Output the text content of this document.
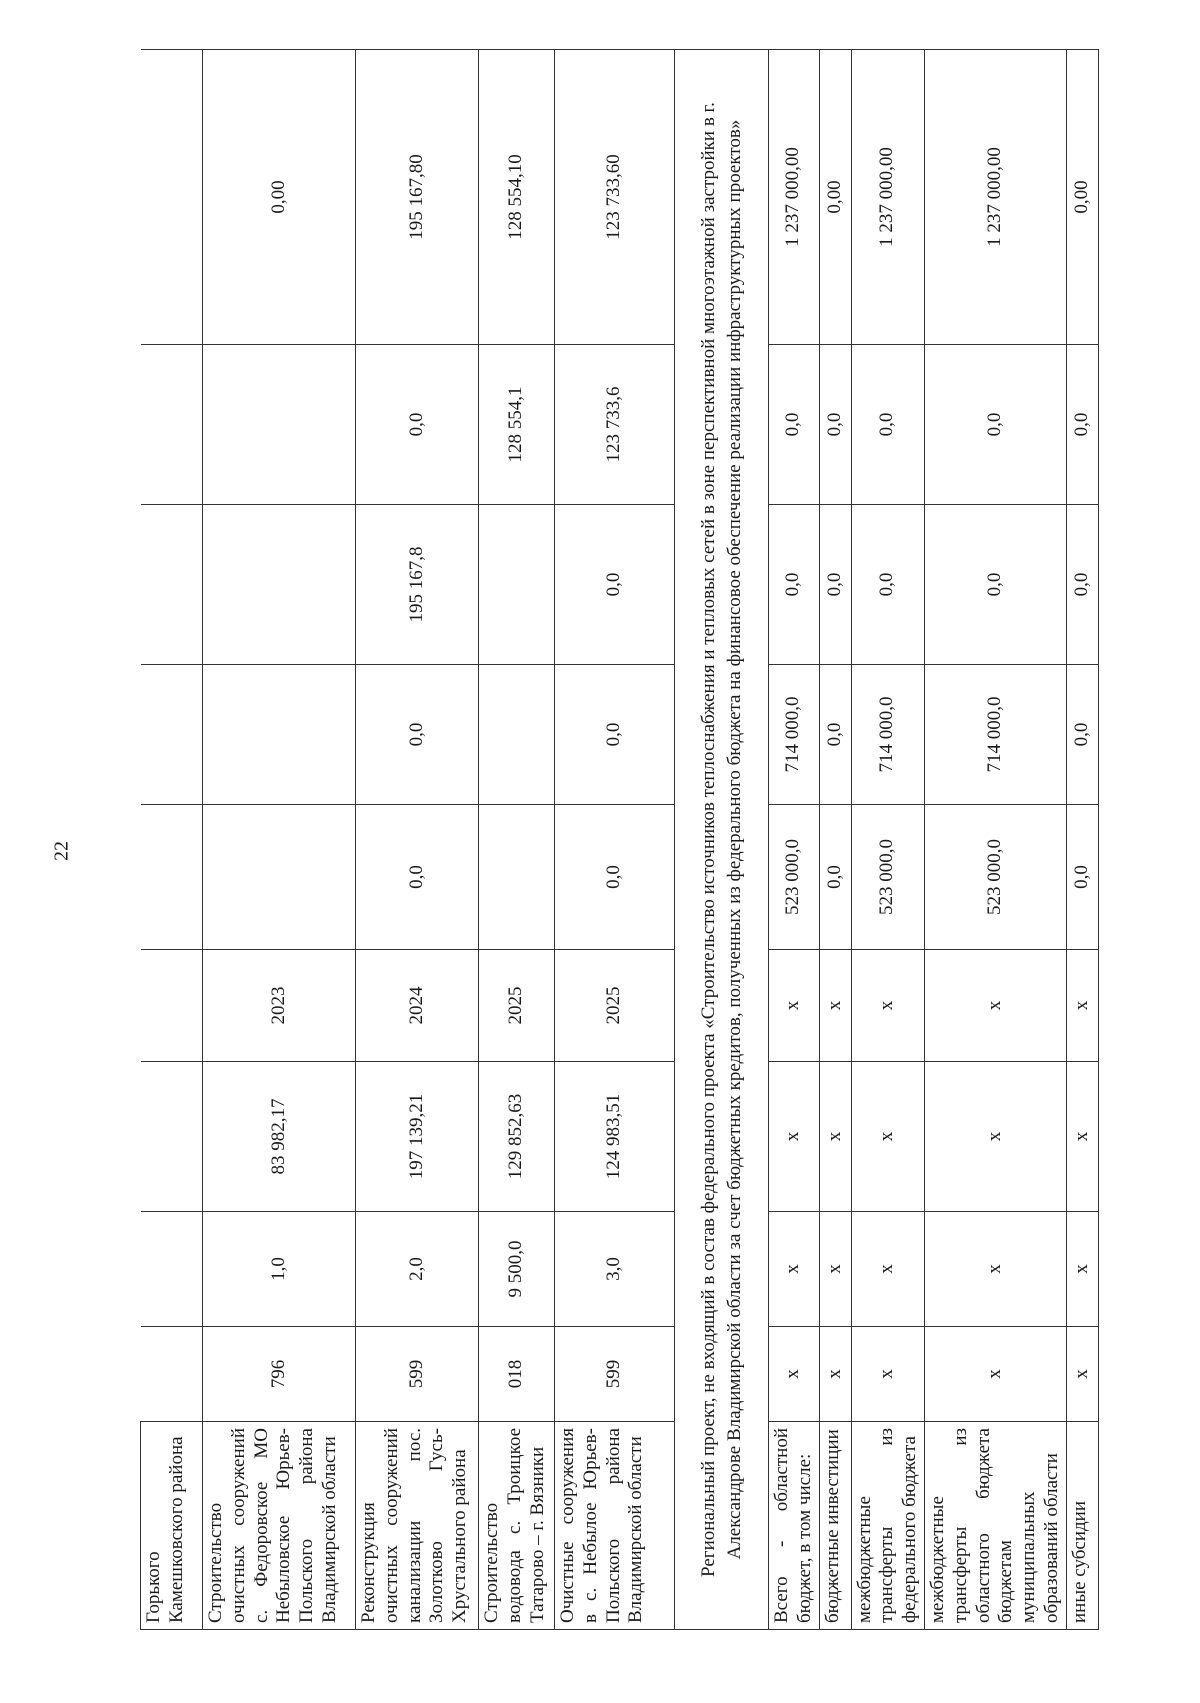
22
Горького Камешковского района									
Строительство очистных сооружений с. Федоровское МО Небыловское Юрьев-Польского района Владимирской области	796	1,0	83 982,17	2023					0,00
Реконструкция очистных сооружений канализации пос. Золотково Гусь-Хрустального района	599	2,0	197 139,21	2024	0,0	0,0	195 167,8	0,0	195 167,80
Строительство водовода с. Троицкое Татарово – г. Вязники	018	9 500,0	129 852,63	2025				128 554,1	128 554,10
Очистные сооружения в с. Небылое Юрьев-Польского района Владимирской области	599	3,0	124 983,51	2025	0,0	0,0	0,0	123 733,6	123 733,60
Региональный проект, не входящий в состав федерального проекта «Строительство источников теплоснабжения и тепловых сетей в зоне перспективной многоэтажной застройки в г. Александрове Владимирской области за счет бюджетных кредитов, полученных из федерального бюджета на финансовое обеспечение реализации инфраструктурных проектов»									
Всего - областной бюджет, в том числе:	x	x	x	x	523 000,0	714 000,0	0,0	0,0	1 237 000,00
бюджетные инвестиции	x	x	x	x	0,0	0,0	0,0	0,0	0,00
межбюджетные трансферты из федерального бюджета	x	x	x	x	523 000,0	714 000,0	0,0	0,0	1 237 000,00
межбюджетные трансферты из областного бюджета бюджетам муниципальных образований области	x	x	x	x	523 000,0	714 000,0	0,0	0,0	1 237 000,00
иные субсидии	x	x	x	x	0,0	0,0	0,0	0,0	0,00
